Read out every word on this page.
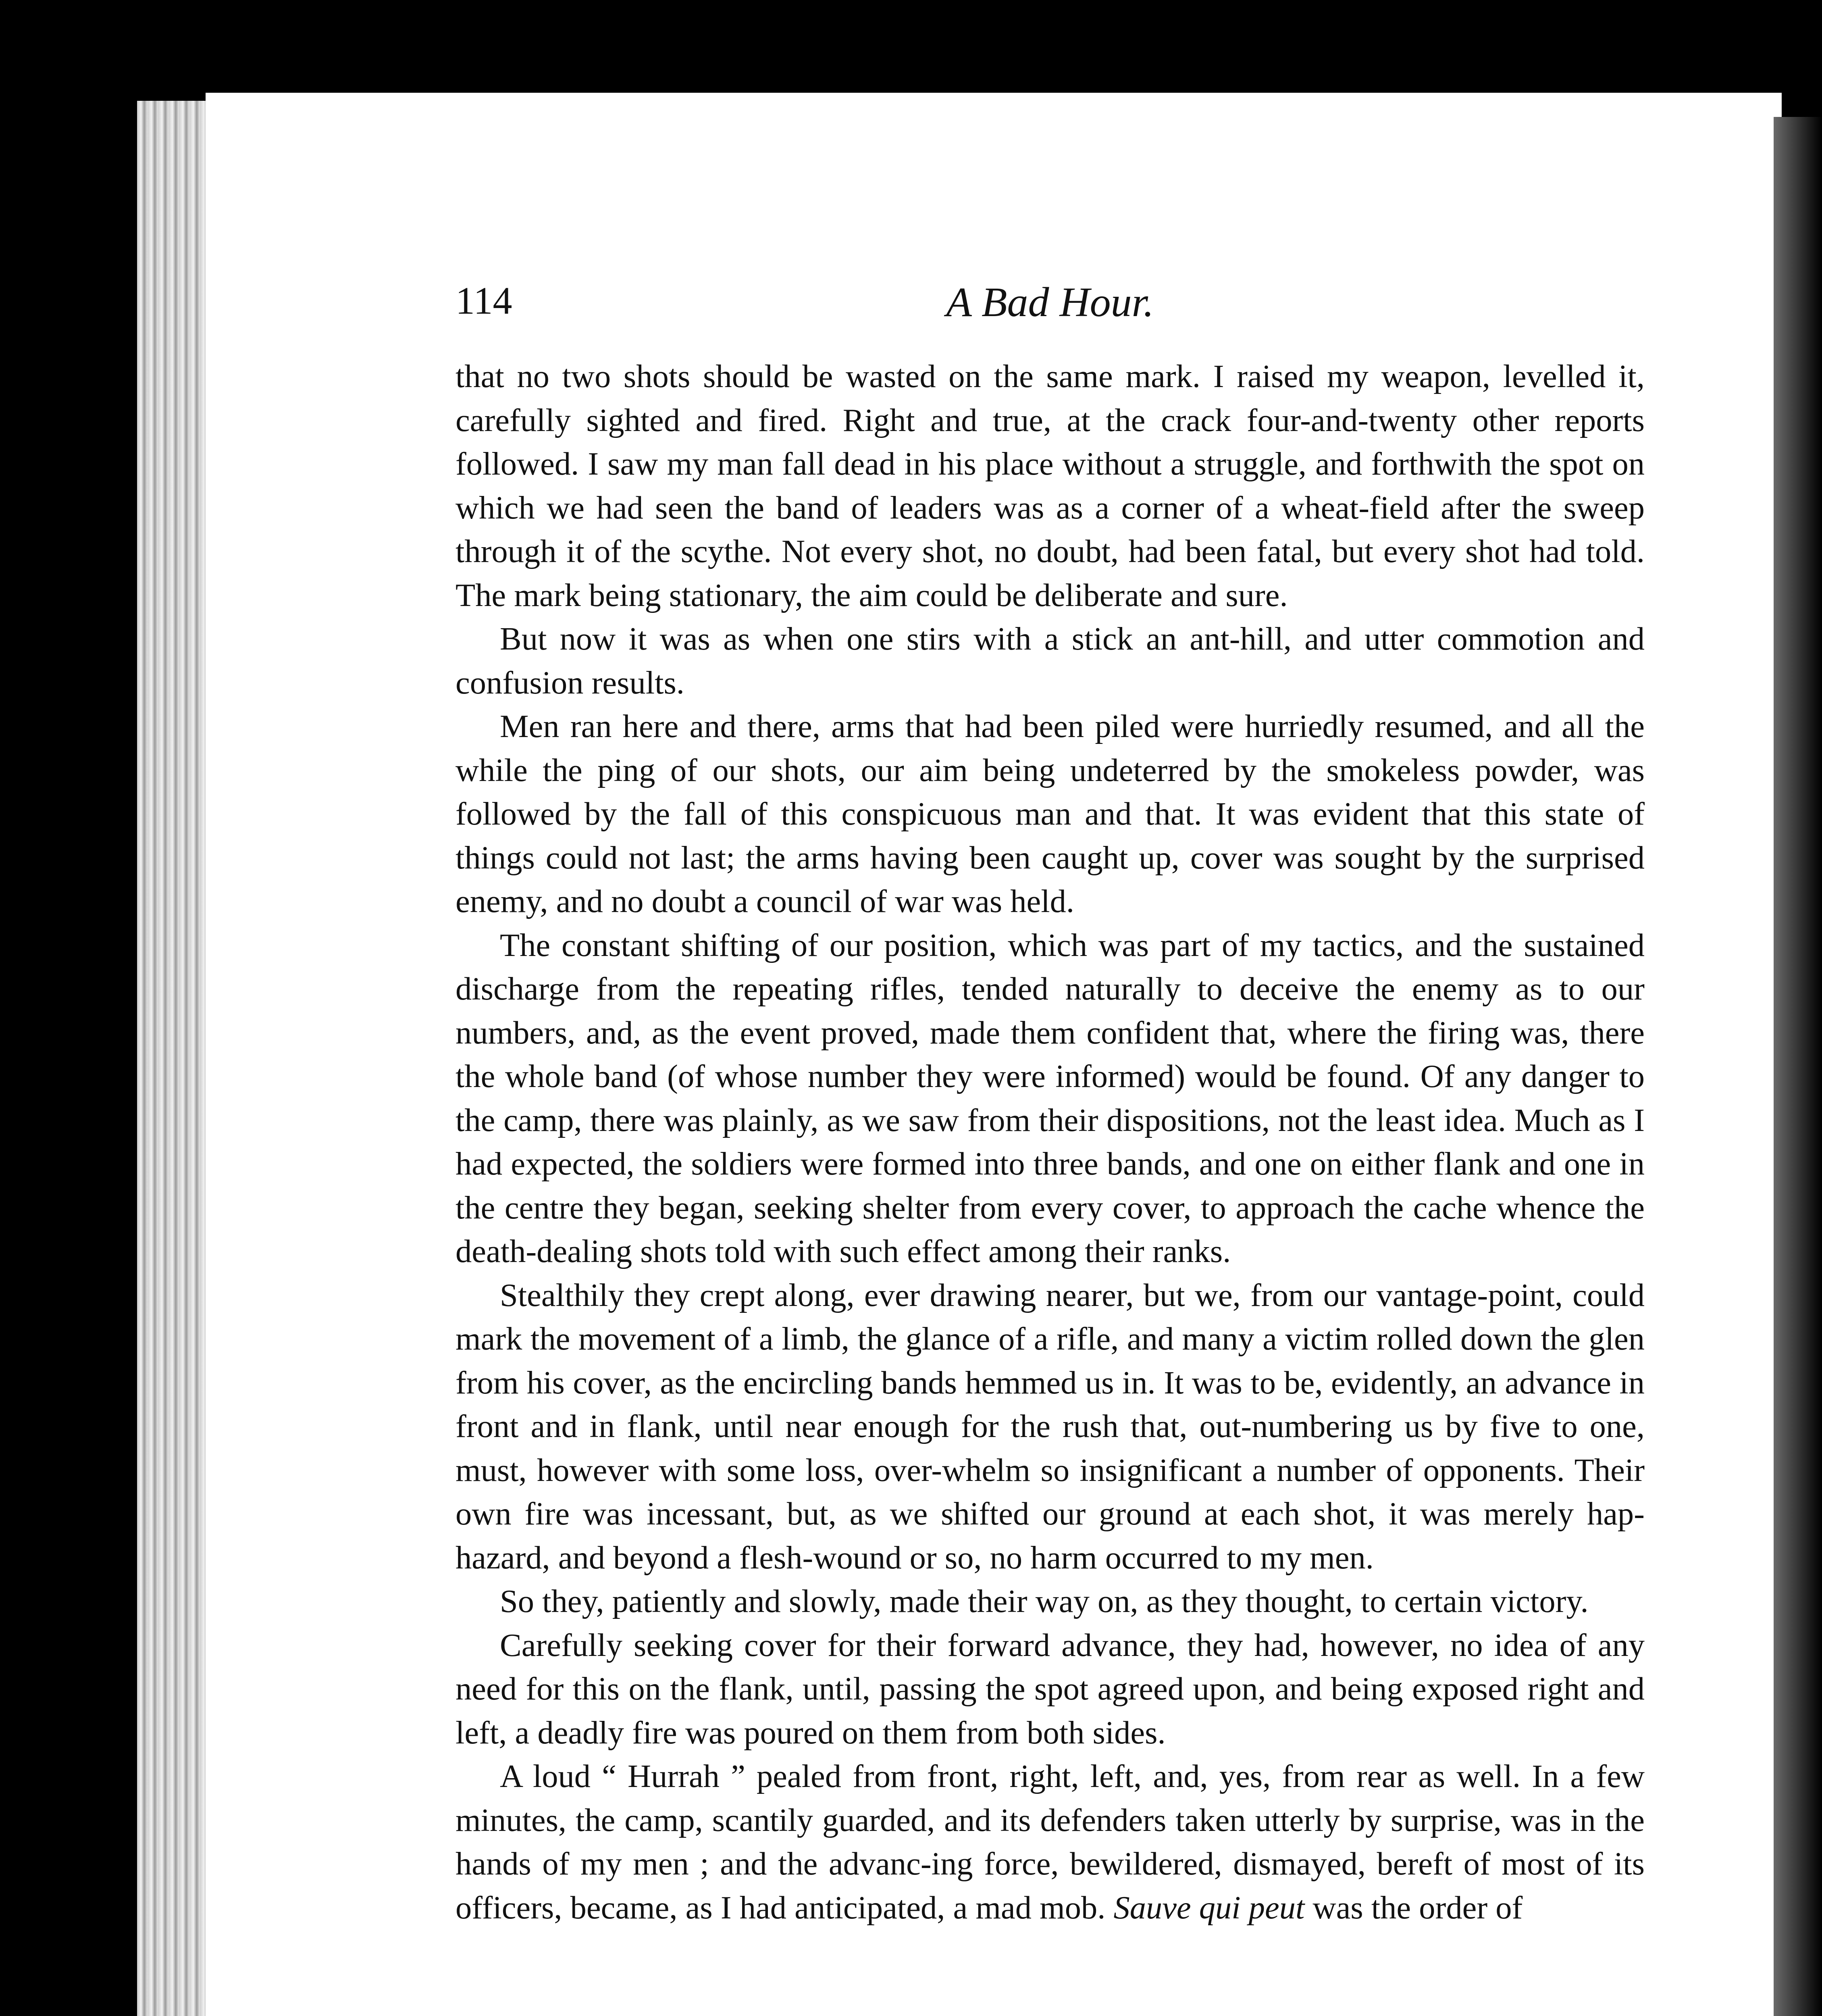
114	A Bad Hour.

that no two shots should be wasted on the same mark. I raised my weapon, levelled it, carefully sighted and fired. Right and true, at the crack four-and-twenty other reports followed. I saw my man fall dead in his place without a struggle, and forthwith the spot on which we had seen the band of leaders was as a corner of a wheat-field after the sweep through it of the scythe. Not every shot, no doubt, had been fatal, but every shot had told. The mark being stationary, the aim could be deliberate and sure.

But now it was as when one stirs with a stick an ant-hill, and utter commotion and confusion results.

Men ran here and there, arms that had been piled were hurriedly resumed, and all the while the ping of our shots, our aim being undeterred by the smokeless powder, was followed by the fall of this conspicuous man and that. It was evident that this state of things could not last; the arms having been caught up, cover was sought by the surprised enemy, and no doubt a council of war was held.

The constant shifting of our position, which was part of my tactics, and the sustained discharge from the repeating rifles, tended naturally to deceive the enemy as to our numbers, and, as the event proved, made them confident that, where the firing was, there the whole band (of whose number they were informed) would be found. Of any danger to the camp, there was plainly, as we saw from their dispositions, not the least idea. Much as I had expected, the soldiers were formed into three bands, and one on either flank and one in the centre they began, seeking shelter from every cover, to approach the cache whence the death-dealing shots told with such effect among their ranks.

Stealthily they crept along, ever drawing nearer, but we, from our vantage-point, could mark the movement of a limb, the glance of a rifle, and many a victim rolled down the glen from his cover, as the encircling bands hemmed us in. It was to be, evidently, an advance in front and in flank, until near enough for the rush that, out-numbering us by five to one, must, however with some loss, over-whelm so insignificant a number of opponents. Their own fire was incessant, but, as we shifted our ground at each shot, it was merely hap-hazard, and beyond a flesh-wound or so, no harm occurred to my men.

So they, patiently and slowly, made their way on, as they thought, to certain victory.

Carefully seeking cover for their forward advance, they had, however, no idea of any need for this on the flank, until, passing the spot agreed upon, and being exposed right and left, a deadly fire was poured on them from both sides.

A loud “ Hurrah ” pealed from front, right, left, and, yes, from rear as well. In a few minutes, the camp, scantily guarded, and its defenders taken utterly by surprise, was in the hands of my men ; and the advanc-ing force, bewildered, dismayed, bereft of most of its officers, became, as I had anticipated, a mad mob. Sauve qui peut was the order of
